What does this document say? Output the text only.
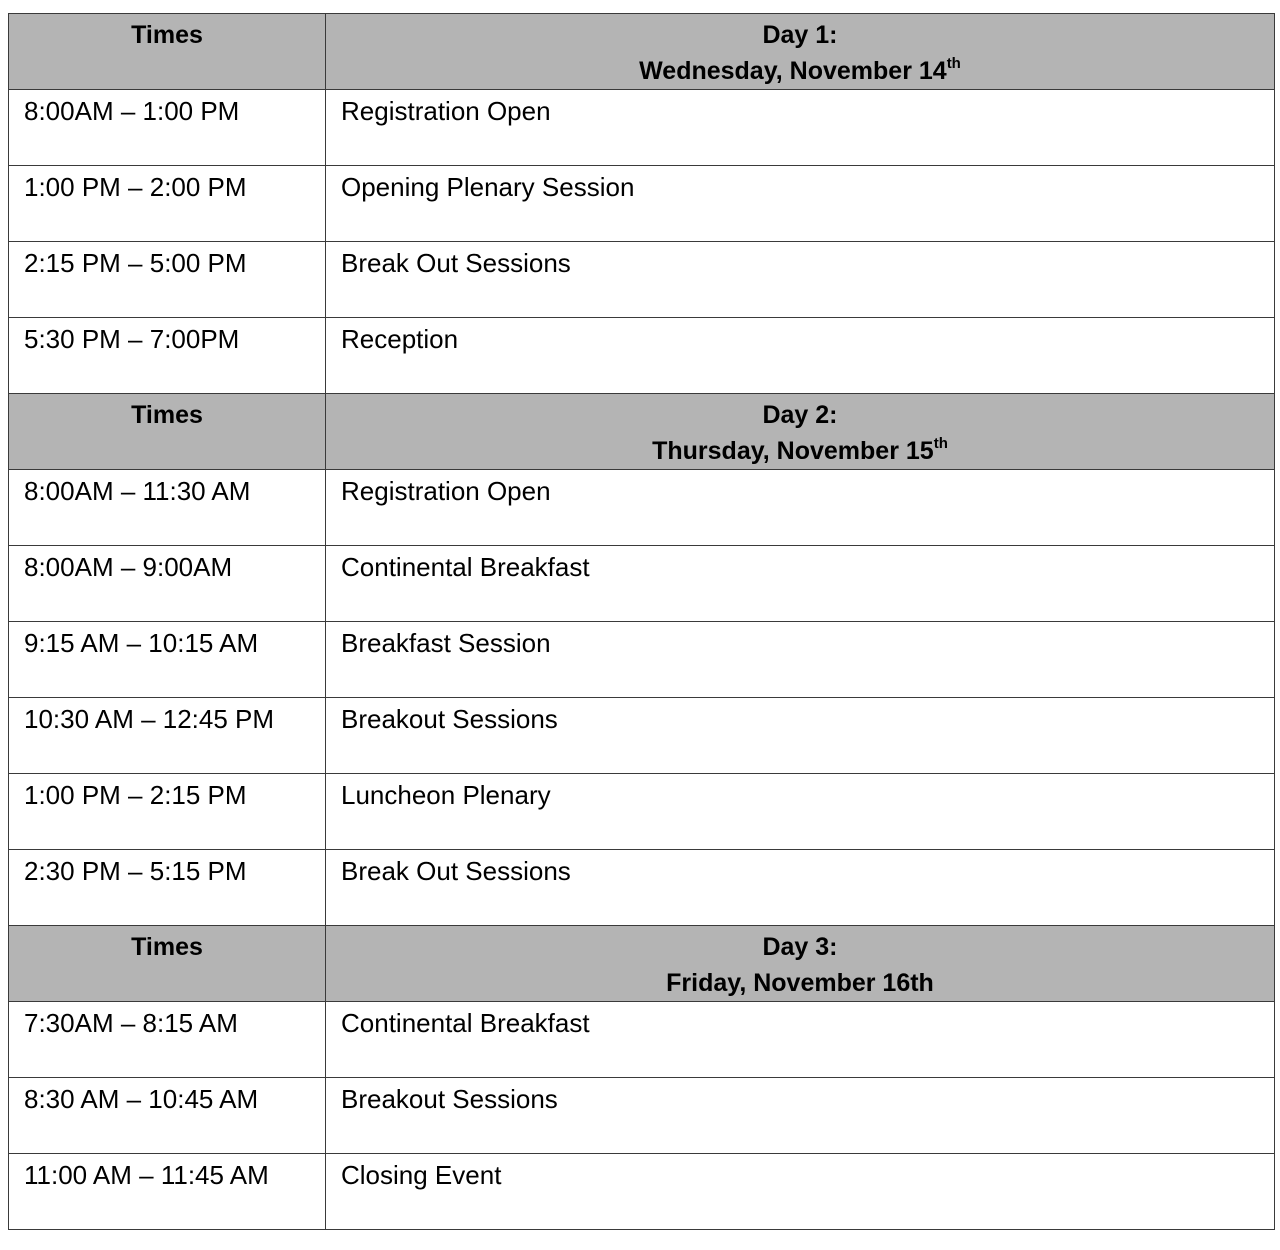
Times	Day 1:
Wednesday, November 14th

8:00AM – 1:00 PM	Registration Open
1:00 PM – 2:00 PM	Opening Plenary Session
2:15 PM – 5:00 PM	Break Out Sessions
5:30 PM – 7:00PM	Reception
Times	Day 2:
Thursday, November 15th

8:00AM – 11:30 AM	Registration Open
8:00AM – 9:00AM	Continental Breakfast
9:15 AM – 10:15 AM	Breakfast Session
10:30 AM – 12:45 PM	Breakout Sessions
1:00 PM – 2:15 PM	Luncheon Plenary
2:30 PM – 5:15 PM	Break Out Sessions
Times	Day 3:
Friday, November 16th

7:30AM – 8:15 AM	Continental Breakfast
8:30 AM – 10:45 AM	Breakout Sessions
11:00 AM – 11:45 AM	Closing Event
